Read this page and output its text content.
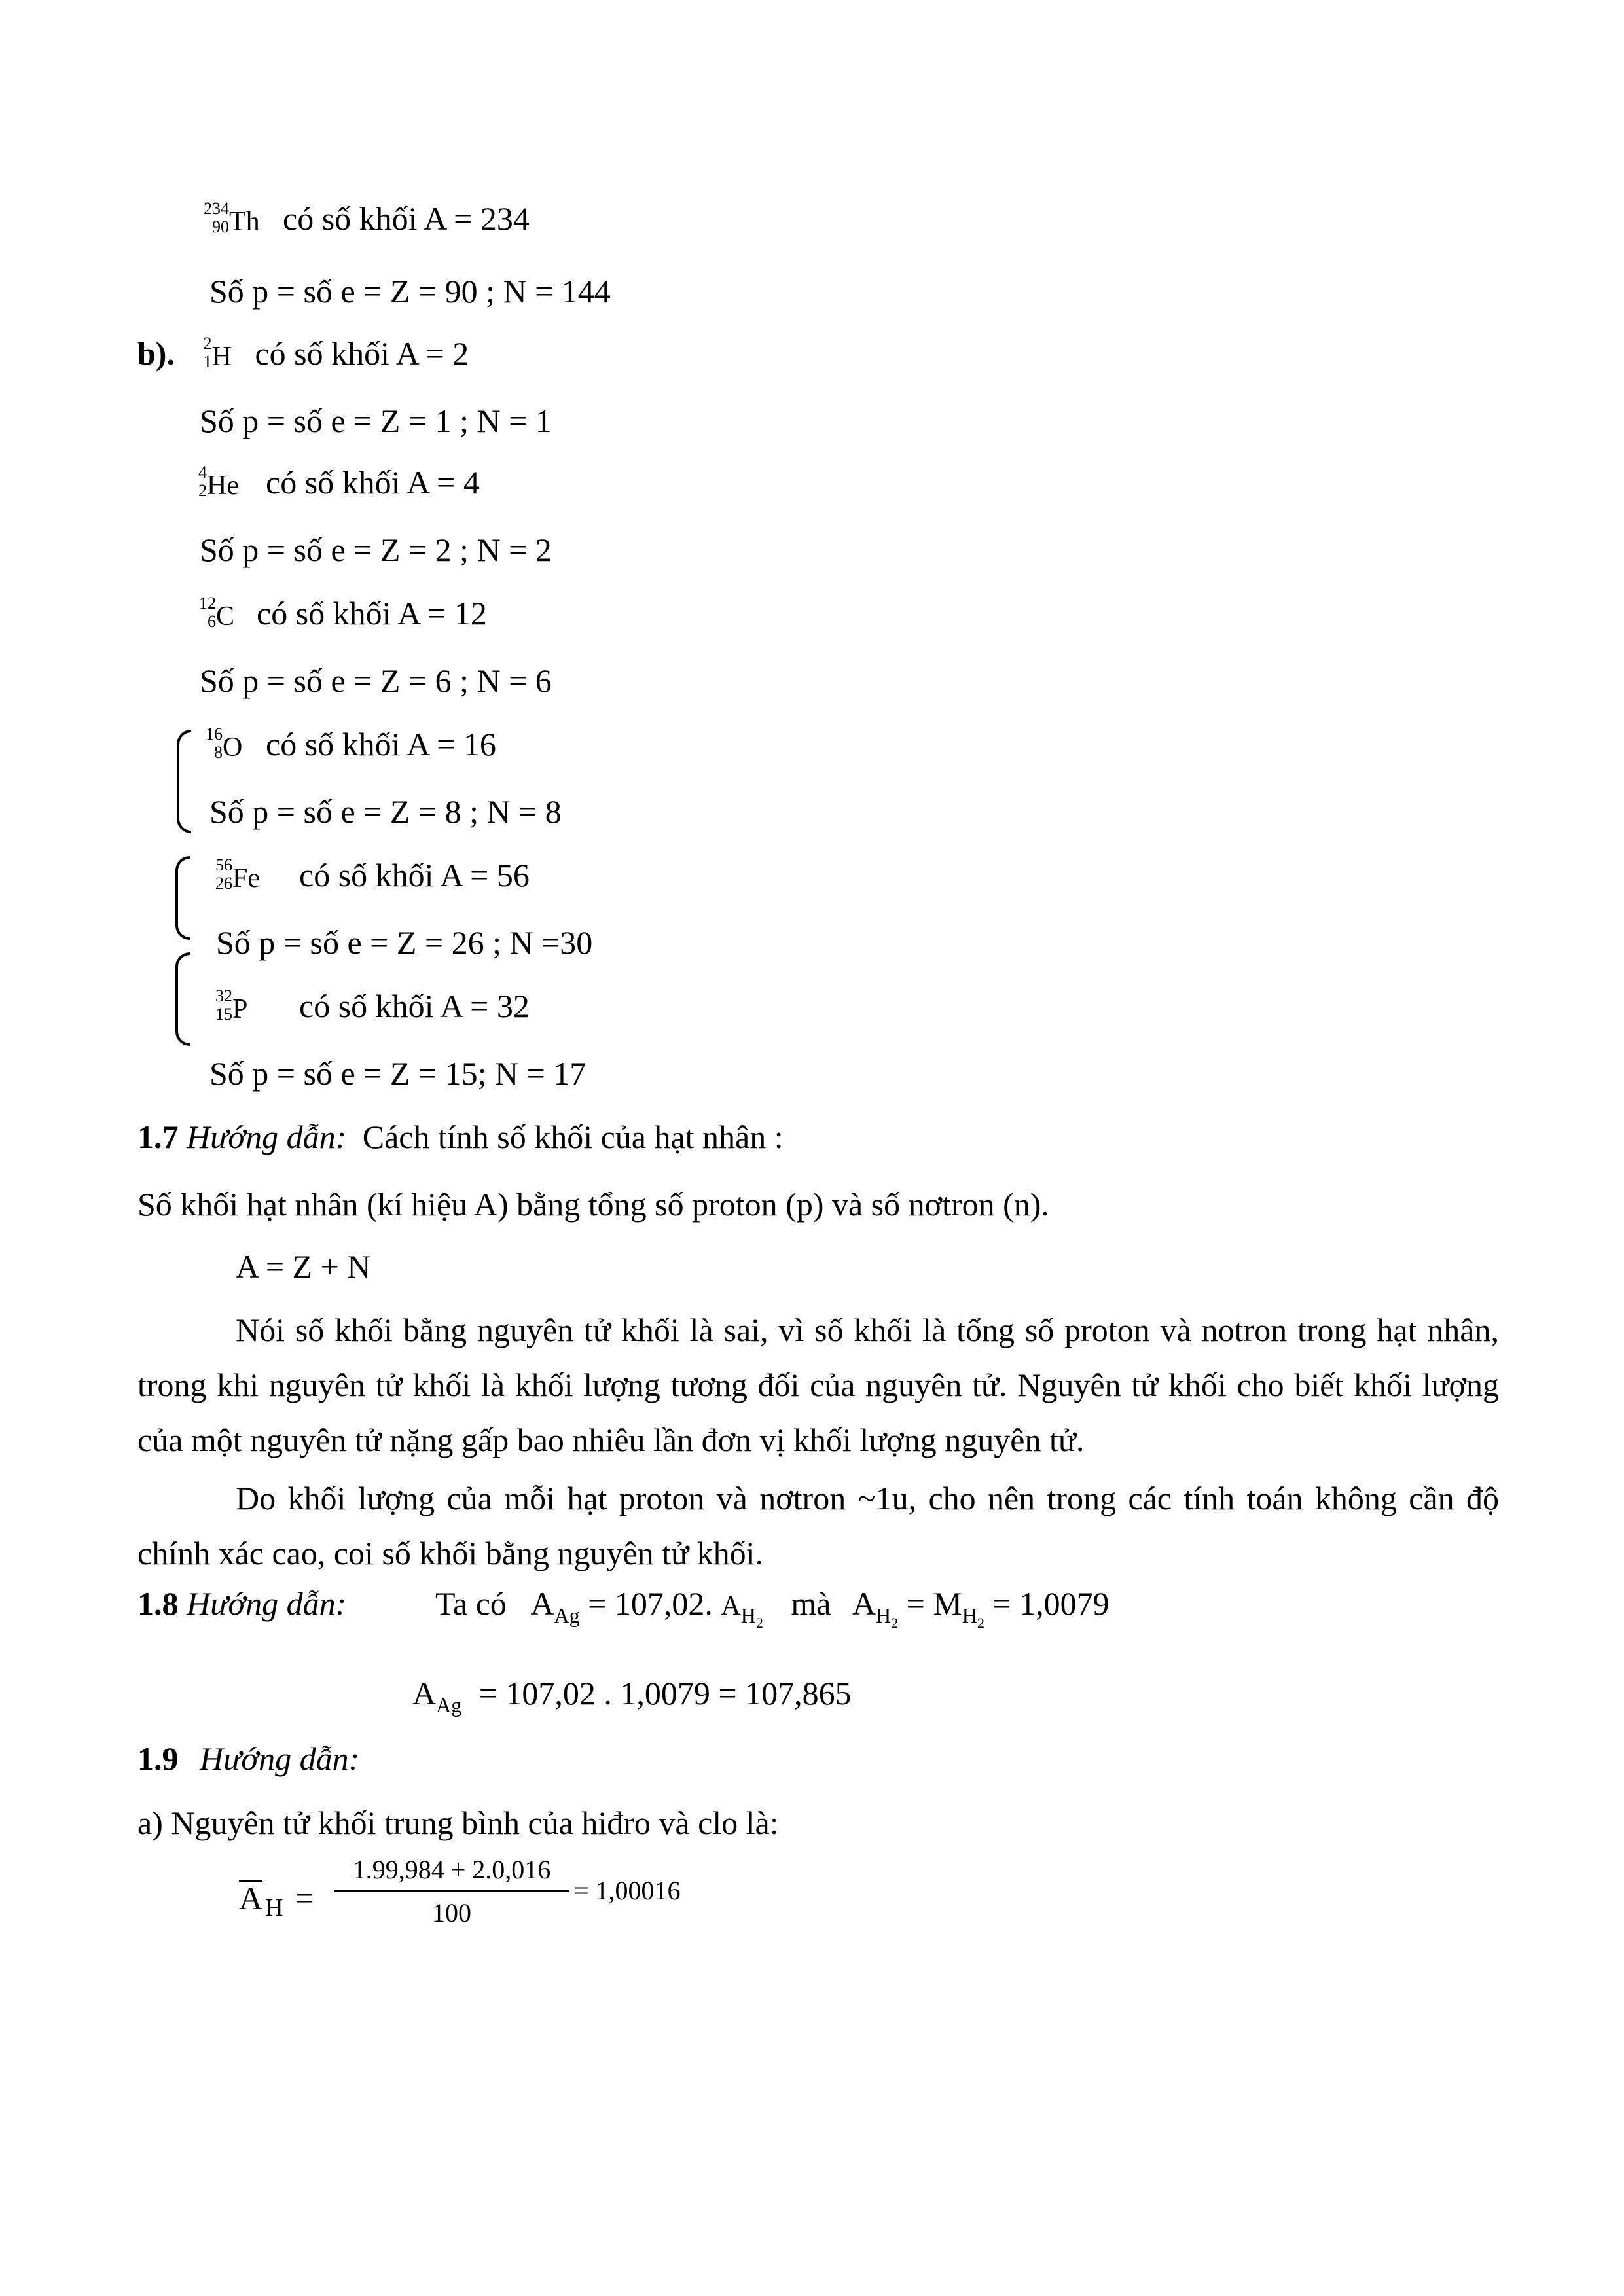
234
90 Th có số khối A = 234
Số p = số e = Z = 90 ; N = 144
b). 2
1 H có số khối A = 2
Số p = số e = Z = 1 ; N = 1
4
2 He có số khối A = 4
Số p = số e = Z = 2 ; N = 2
12
6 C có số khối A = 12
Số p = số e = Z = 6 ; N = 6
16
8 O có số khối A = 16
Số p = số e = Z = 8 ; N = 8
56
26 Fe có số khối A = 56
Số p = số e = Z = 26 ; N =30
32
15 P có số khối A = 32
Số p = số e = Z = 15; N = 17
1.7 Hướng dẫn: Cách tính số khối của hạt nhân :
Số khối hạt nhân (kí hiệu A) bằng tổng số proton (p) và số nơtron (n).
A = Z + N
Nói số khối bằng nguyên tử khối là sai, vì số khối là tổng số proton và notron trong hạt nhân, trong khi nguyên tử khối là khối lượng tương đối của nguyên tử. Nguyên tử khối cho biết khối lượng của một nguyên tử nặng gấp bao nhiêu lần đơn vị khối lượng nguyên tử.
Do khối lượng của mỗi hạt proton và nơtron ~1u, cho nên trong các tính toán không cần độ chính xác cao, coi số khối bằng nguyên tử khối.
1.8 Hướng dẫn:	Ta có $A_{Ag} = 107,02$. $A_{H_2}$ mà $A_{H_2} = M_{H_2} = 1,0079$
$A_{Ag} = 107,02$ . 1,0079 = 107,865
1.9 Hướng dẫn:
a) Nguyên tử khối trung bình của hiđro và clo là:
A $_H$ =
1.99,984 + 2.0,016
100
= 1,00016
